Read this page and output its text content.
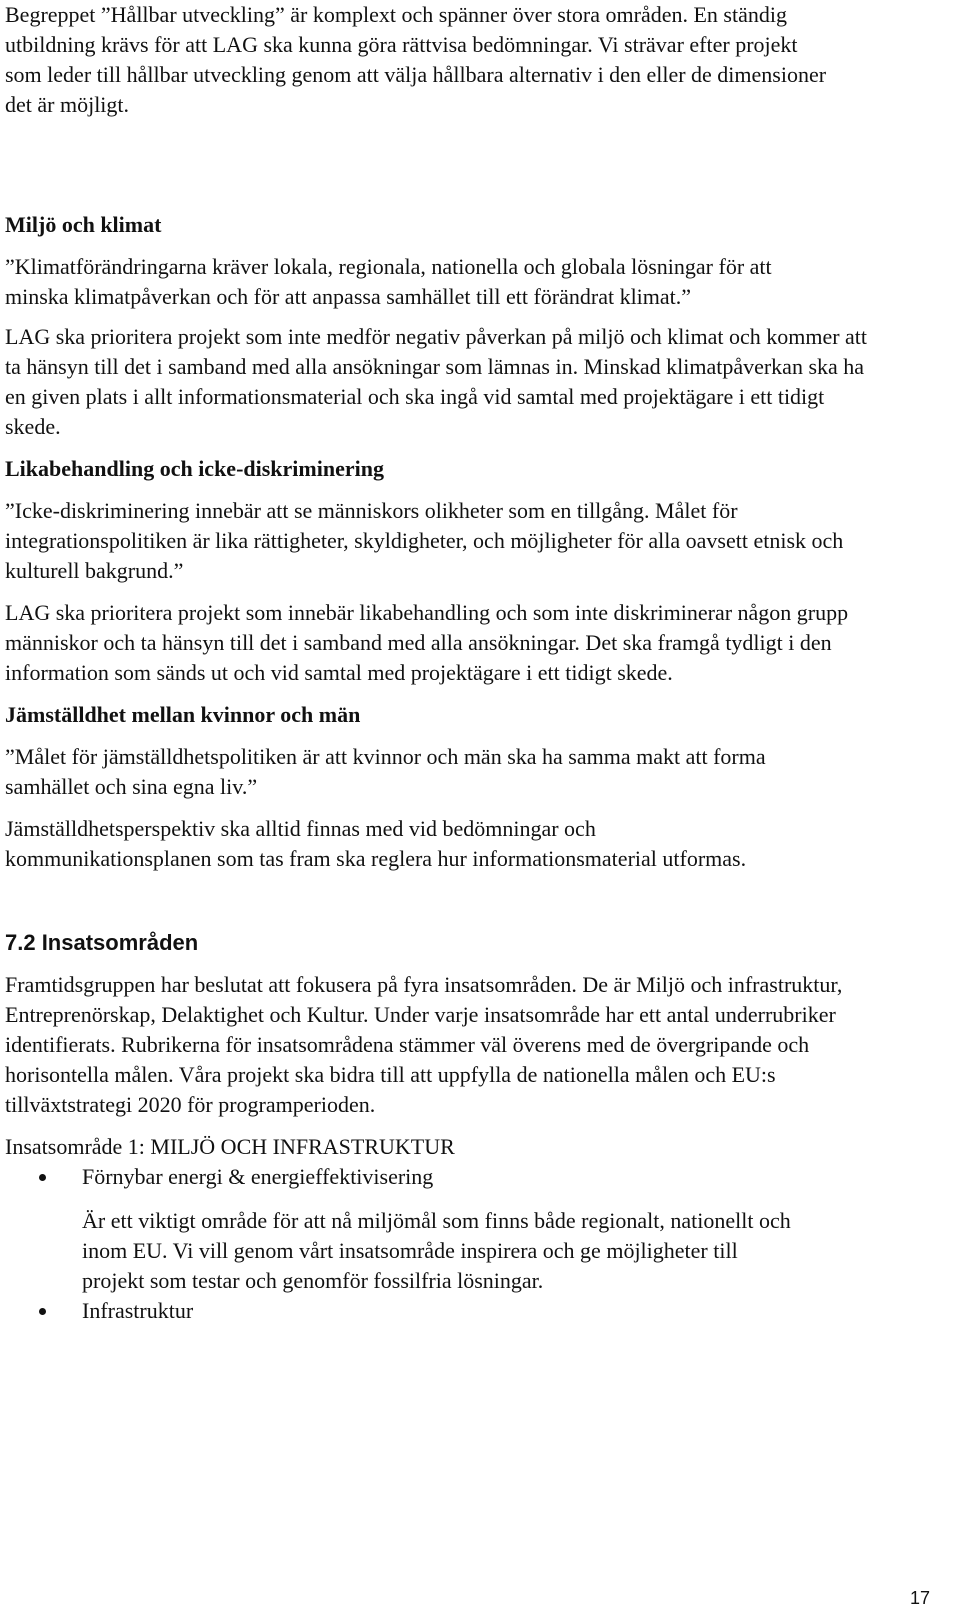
Begreppet ”Hållbar utveckling” är komplext och spänner över stora områden. En ständig utbildning krävs för att LAG ska kunna göra rättvisa bedömningar. Vi strävar efter projekt som leder till hållbar utveckling genom att välja hållbara alternativ i den eller de dimensioner det är möjligt.

Miljö och klimat

”Klimatförändringarna kräver lokala, regionala, nationella och globala lösningar för att minska klimatpåverkan och för att anpassa samhället till ett förändrat klimat.”

LAG ska prioritera projekt som inte medför negativ påverkan på miljö och klimat och kommer att ta hänsyn till det i samband med alla ansökningar som lämnas in. Minskad klimatpåverkan ska ha en given plats i allt informationsmaterial och ska ingå vid samtal med projektägare i ett tidigt skede.

Likabehandling och icke-diskriminering

”Icke-diskriminering innebär att se människors olikheter som en tillgång. Målet för integrationspolitiken är lika rättigheter, skyldigheter, och möjligheter för alla oavsett etnisk och kulturell bakgrund.”

LAG ska prioritera projekt som innebär likabehandling och som inte diskriminerar någon grupp människor och ta hänsyn till det i samband med alla ansökningar. Det ska framgå tydligt i den information som sänds ut och vid samtal med projektägare i ett tidigt skede.

Jämställdhet mellan kvinnor och män

”Målet för jämställdhetspolitiken är att kvinnor och män ska ha samma makt att forma samhället och sina egna liv.”

Jämställdhetsperspektiv ska alltid finnas med vid bedömningar och kommunikationsplanen som tas fram ska reglera hur informationsmaterial utformas.

7.2 Insatsområden

Framtidsgruppen har beslutat att fokusera på fyra insatsområden. De är Miljö och infrastruktur, Entreprenörskap, Delaktighet och Kultur. Under varje insatsområde har ett antal underrubriker identifierats. Rubrikerna för insatsområdena stämmer väl överens med de övergripande och horisontella målen. Våra projekt ska bidra till att uppfylla de nationella målen och EU:s tillväxtstrategi 2020 för programperioden.

Insatsområde 1: MILJÖ OCH INFRASTRUKTUR

Förnybar energi & energieffektivisering

Är ett viktigt område för att nå miljömål som finns både regionalt, nationellt och inom EU. Vi vill genom vårt insatsområde inspirera och ge möjligheter till projekt som testar och genomför fossilfria lösningar.

Infrastruktur
17
